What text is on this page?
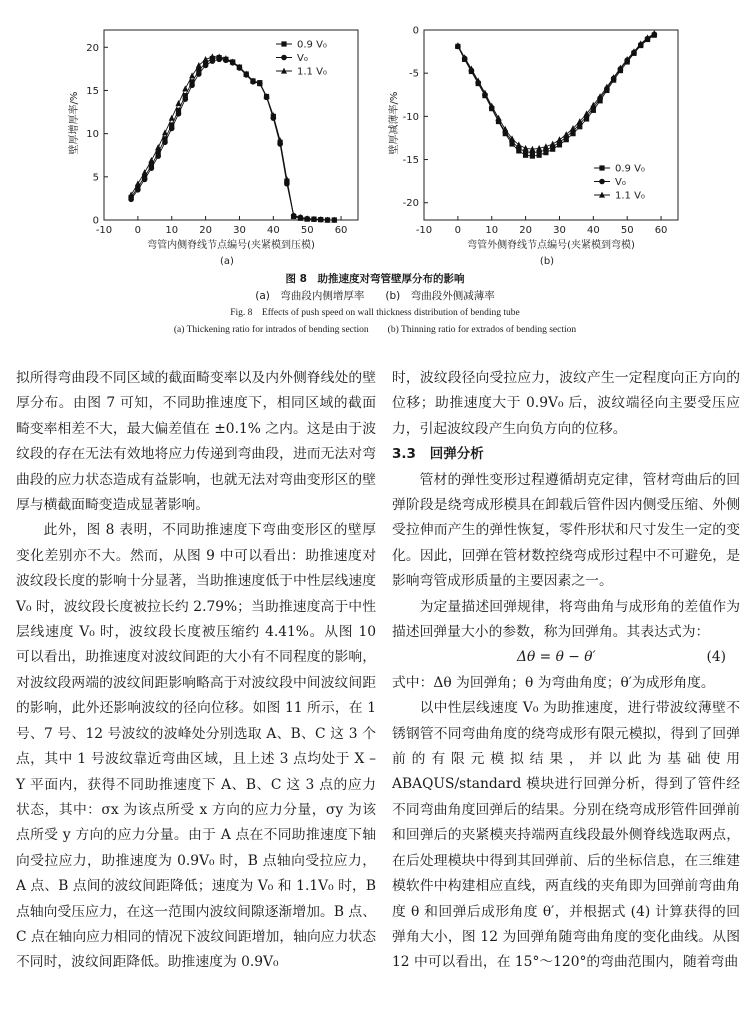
-10 0 10 20 30 40 50 60
0
5
10
15
20
弯管内侧脊线节点编号(夹紧模到压模)
壁厚增厚率/%
(a)
0.9 V₀
V₀
1.1 V₀
-10 0 10 20 30 40 50 60
0
-5
-10
-15
-20
弯管外侧脊线节点编号(夹紧模到弯模)
壁厚减薄率/%
(b)
0.9 V₀
V₀
1.1 V₀
图 8　助推速度对弯管壁厚分布的影响
(a)　弯曲段内侧增厚率　　(b)　弯曲段外侧减薄率
Fig. 8　Effects of push speed on wall thickness distribution of bending tube
(a) Thickening ratio for intrados of bending section　　(b) Thinning ratio for extrados of bending section

拟所得弯曲段不同区域的截面畸变率以及内外侧脊线处的壁厚分布。由图 7 可知，不同助推速度下，相同区域的截面畸变率相差不大，最大偏差值在 ±0.1% 之内。这是由于波纹段的存在无法有效地将应力传递到弯曲段，进而无法对弯曲段的应力状态造成有益影响，也就无法对弯曲变形区的壁厚与横截面畸变造成显著影响。

此外，图 8 表明，不同助推速度下弯曲变形区的壁厚变化差别亦不大。然而，从图 9 中可以看出：助推速度对波纹段长度的影响十分显著，当助推速度低于中性层线速度 V₀ 时，波纹段长度被拉长约 2.79%；当助推速度高于中性层线速度 V₀ 时，波纹段长度被压缩约 4.41%。从图 10 可以看出，助推速度对波纹间距的大小有不同程度的影响，对波纹段两端的波纹间距影响略高于对波纹段中间波纹间距的影响，此外还影响波纹的径向位移。如图 11 所示，在 1 号、7 号、12 号波纹的波峰处分别选取 A、B、C 这 3 个点，其中 1 号波纹靠近弯曲区域，且上述 3 点均处于 X – Y 平面内，获得不同助推速度下 A、B、C 这 3 点的应力状态，其中：σx 为该点所受 x 方向的应力分量，σy 为该点所受 y 方向的应力分量。由于 A 点在不同助推速度下轴向受拉应力，助推速度为 0.9V₀ 时，B 点轴向受拉应力，A 点、B 点间的波纹间距降低；速度为 V₀ 和 1.1V₀ 时，B 点轴向受压应力，在这一范围内波纹间隙逐渐增加。B 点、C 点在轴向应力相同的情况下波纹间距增加，轴向应力状态不同时，波纹间距降低。助推速度为 0.9V₀

时，波纹段径向受拉应力，波纹产生一定程度向正方向的位移；助推速度大于 0.9V₀ 后，波纹端径向主要受压应力，引起波纹段产生向负方向的位移。

3.3　 回弹分析

管材的弹性变形过程遵循胡克定律，管材弯曲后的回弹阶段是绕弯成形模具在卸载后管件因内侧受压缩、外侧受拉伸而产生的弹性恢复，零件形状和尺寸发生一定的变化。因此，回弹在管材数控绕弯成形过程中不可避免，是影响弯管成形质量的主要因素之一。

为定量描述回弹规律，将弯曲角与成形角的差值作为描述回弹量大小的参数，称为回弹角。其表达式为：

Δθ = θ − θ′	(4)

式中：Δθ 为回弹角；θ 为弯曲角度；θ′为成形角度。

以中性层线速度 V₀ 为助推速度，进行带波纹薄壁不锈钢管不同弯曲角度的绕弯成形有限元模拟，得到了回弹前的有限元模拟结果，并以此为基础使用 ABAQUS/standard 模块进行回弹分析，得到了管件经不同弯曲角度回弹后的结果。分别在绕弯成形管件回弹前和回弹后的夹紧模夹持端两直线段最外侧脊线选取两点，在后处理模块中得到其回弹前、后的坐标信息，在三维建模软件中构建相应直线，两直线的夹角即为回弹前弯曲角度 θ 和回弹后成形角度 θ′，并根据式 (4) 计算获得的回弹角大小，图 12 为回弹角随弯曲角度的变化曲线。从图 12 中可以看出，在 15°～120°的弯曲范围内，随着弯曲
